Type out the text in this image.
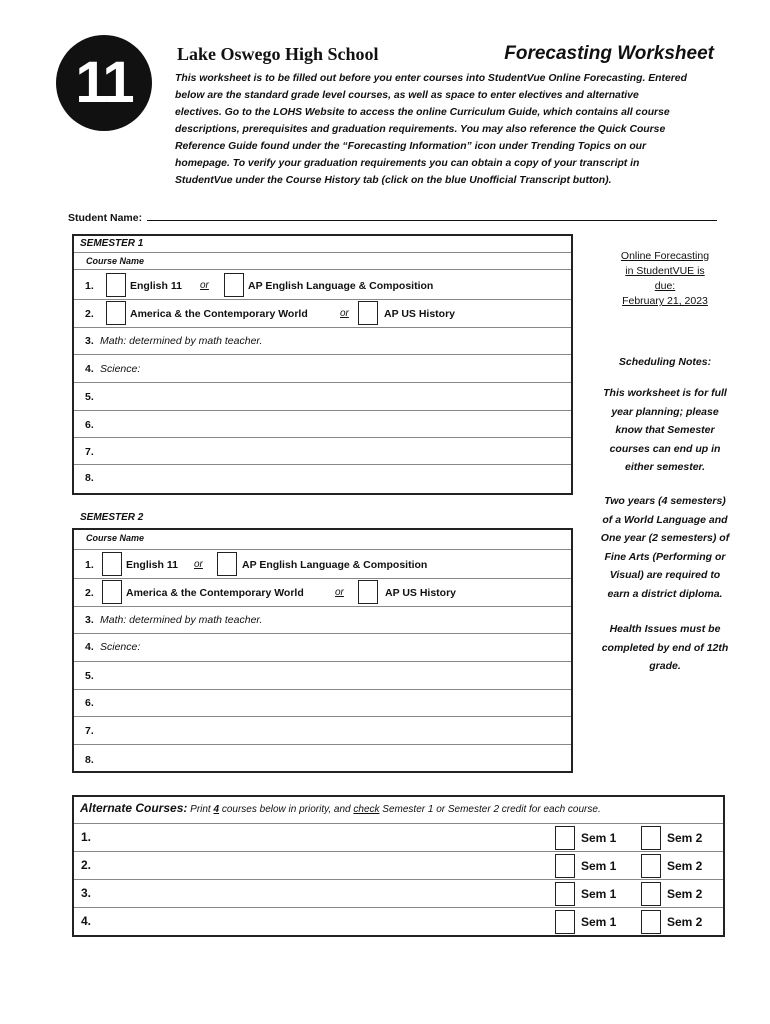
11	Lake Oswego High School	Forecasting Worksheet
This worksheet is to be filled out before you enter courses into StudentVue Online Forecasting. Entered
below are the standard grade level courses, as well as space to enter electives and alternative
electives. Go to the LOHS Website to access the online Curriculum Guide, which contains all course
descriptions, prerequisites and graduation requirements. You may also reference the Quick Course
Reference Guide found under the “Forecasting Information” icon under Trending Topics on our
homepage. To verify your graduation requirements you can obtain a copy of your transcript in
StudentVue under the Course History tab (click on the blue Unofficial Transcript button).
Student Name:
SEMESTER 1
Course Name
1.	English 11 or	AP English Language & Composition
2.	America & the Contemporary World	or	AP US History
3. Math: determined by math teacher.
4. Science:
5.
6.
7.
8.
SEMESTER 2
Course Name
1.	English 11 or	AP English Language & Composition
2.	America & the Contemporary World	or	AP US History
3. Math: determined by math teacher.
4. Science:
5.
6.
7.
8.
Online Forecasting
in StudentVUE is
due:
February 21, 2023
Scheduling Notes:
This worksheet is for full
year planning; please
know that Semester
courses can end up in
either semester.
Two years (4 semesters)
of a World Language and
One year (2 semesters) of
Fine Arts (Performing or
Visual) are required to
earn a district diploma.
Health Issues must be
completed by end of 12th
grade.
Alternate Courses: Print 4 courses below in priority, and check Semester 1 or Semester 2 credit for each course.
1.	Sem 1	Sem 2
2.	Sem 1	Sem 2
3.	Sem 1	Sem 2
4.	Sem 1	Sem 2
